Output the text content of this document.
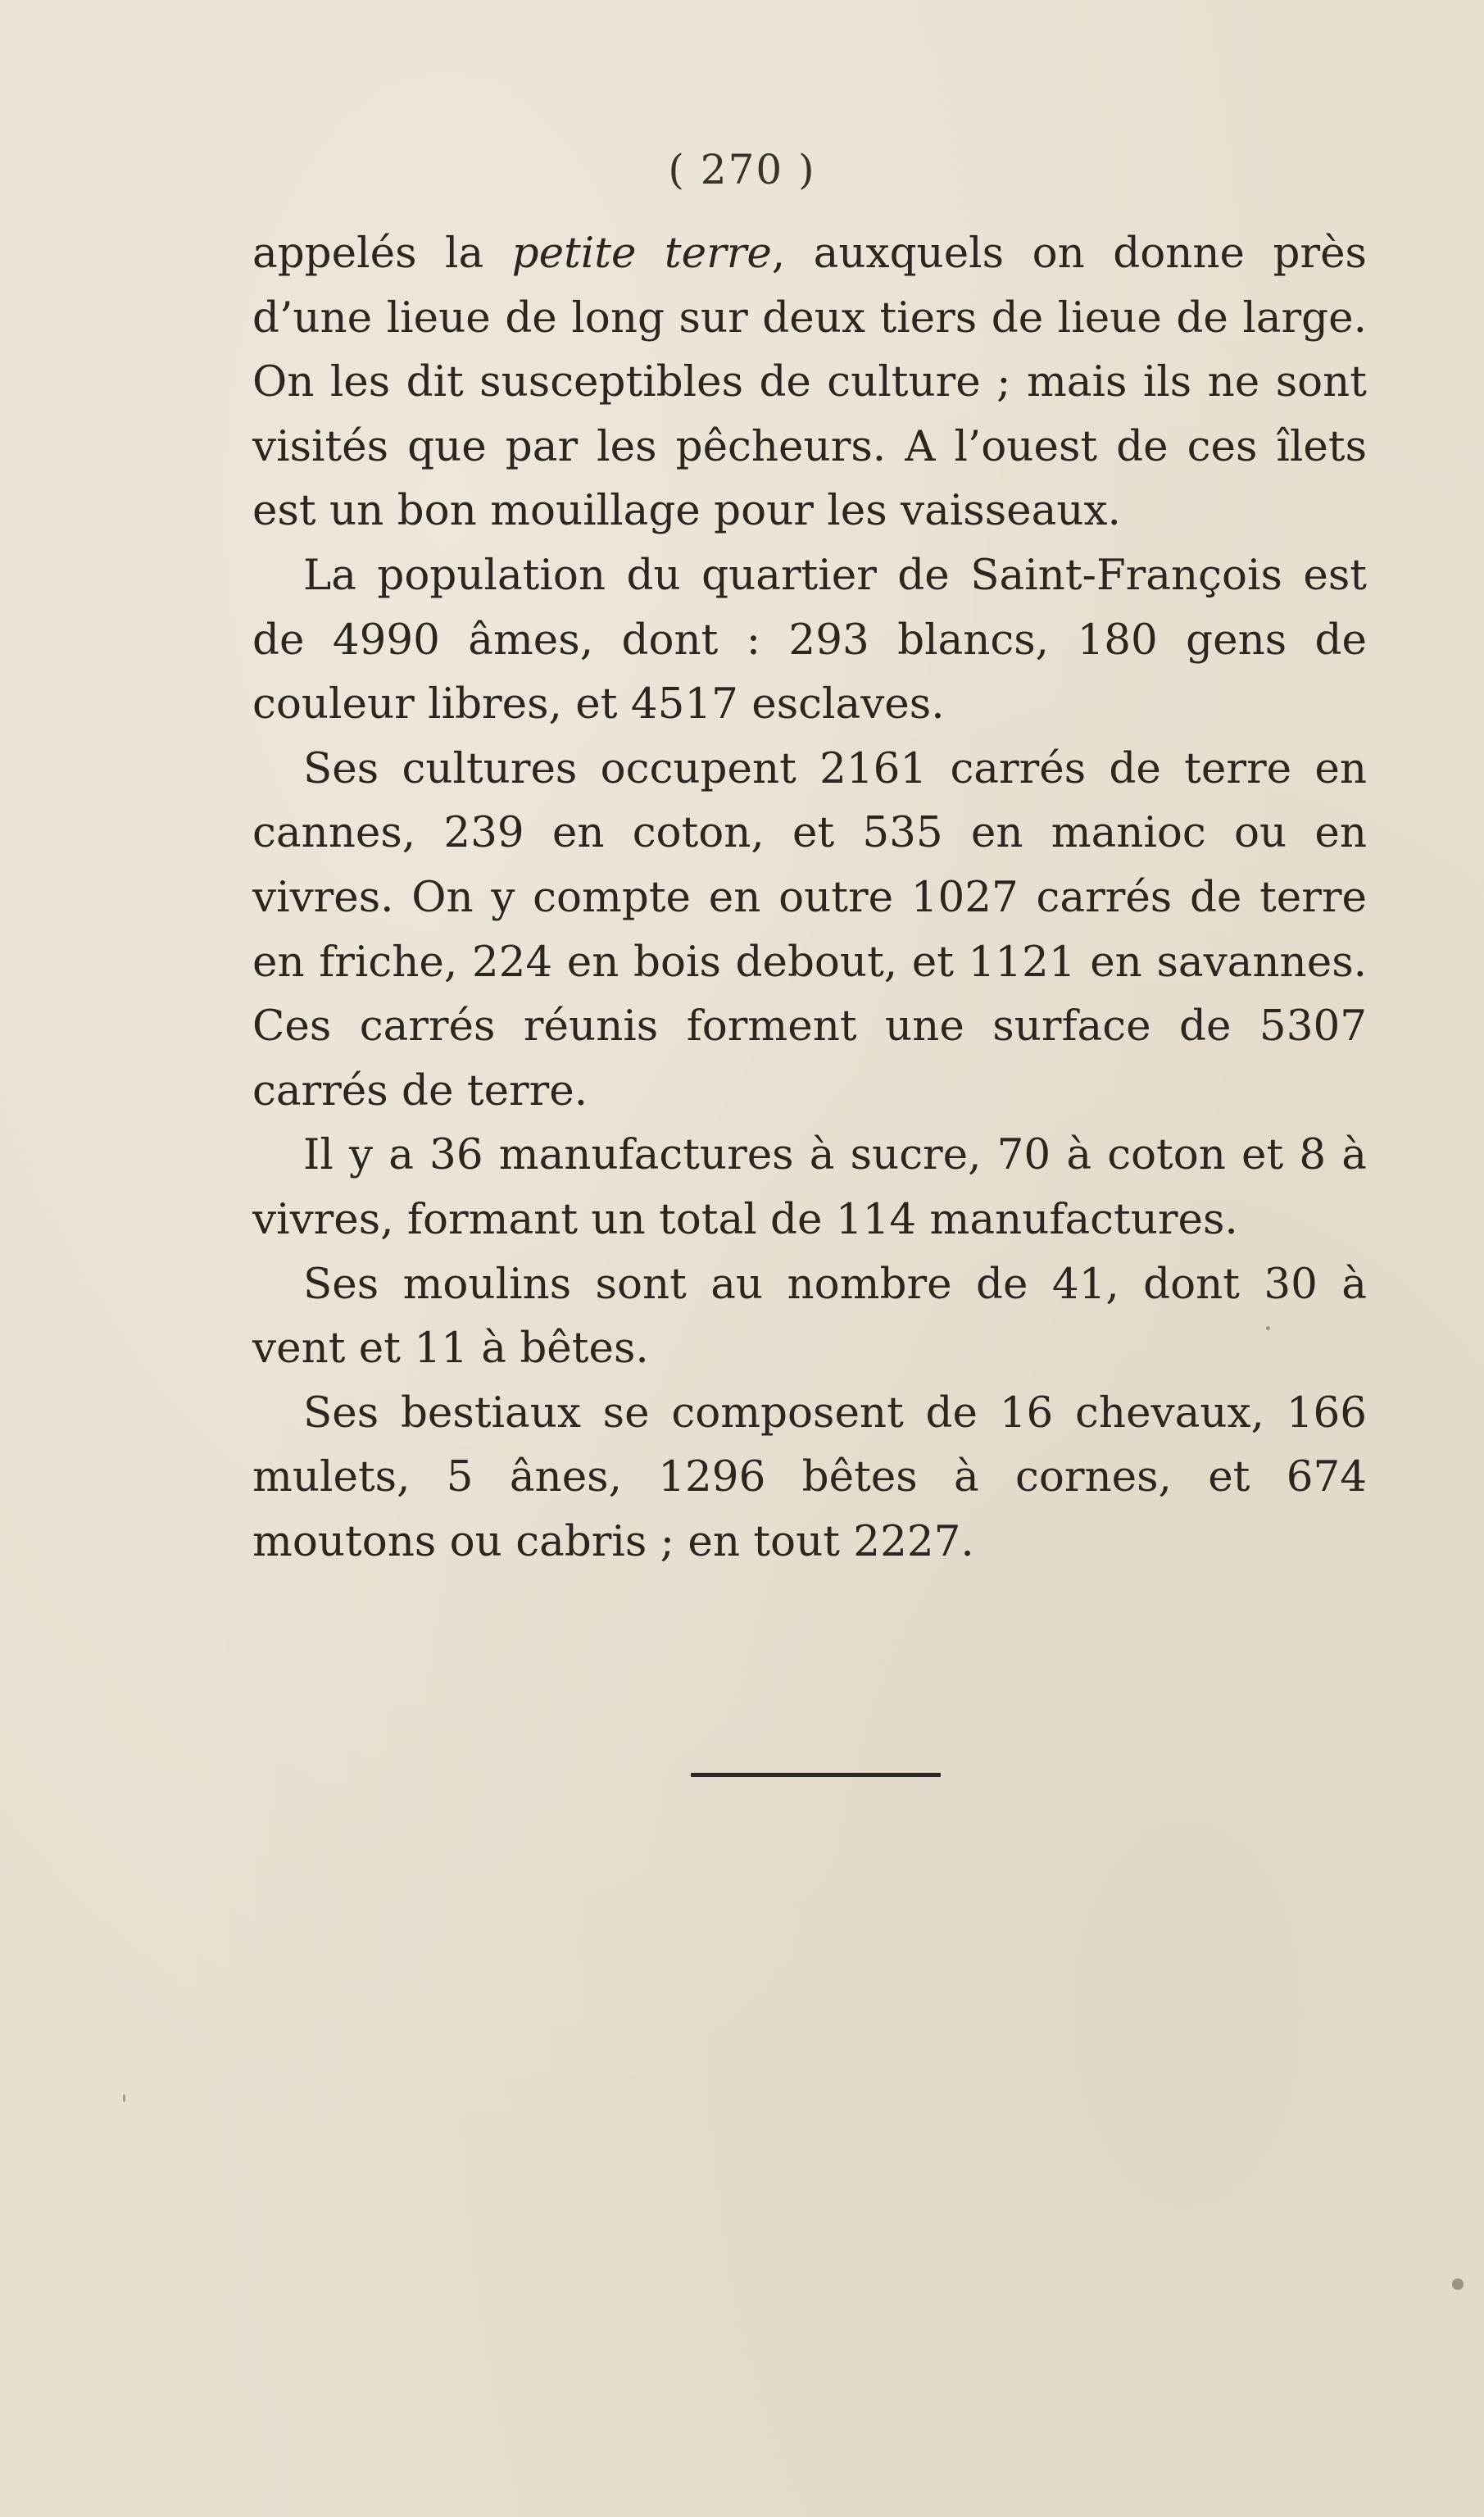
( 270 )

appelés la petite terre, auxquels on donne près d’une lieue de long sur deux tiers de lieue de large. On les dit susceptibles de culture ; mais ils ne sont visités que par les pêcheurs. A l’ouest de ces îlets est un bon mouillage pour les vaisseaux.

La population du quartier de Saint-François est de 4990 âmes, dont : 293 blancs, 180 gens de couleur libres, et 4517 esclaves.

Ses cultures occupent 2161 carrés de terre en cannes, 239 en coton, et 535 en manioc ou en vivres. On y compte en outre 1027 carrés de terre en friche, 224 en bois debout, et 1121 en savannes. Ces carrés réunis forment une surface de 5307 carrés de terre.

Il y a 36 manufactures à sucre, 70 à coton et 8 à vivres, formant un total de 114 manufactures.

Ses moulins sont au nombre de 41, dont 30 à vent et 11 à bêtes.

Ses bestiaux se composent de 16 chevaux, 166 mulets, 5 ânes, 1296 bêtes à cornes, et 674 moutons ou cabris ; en tout 2227.
